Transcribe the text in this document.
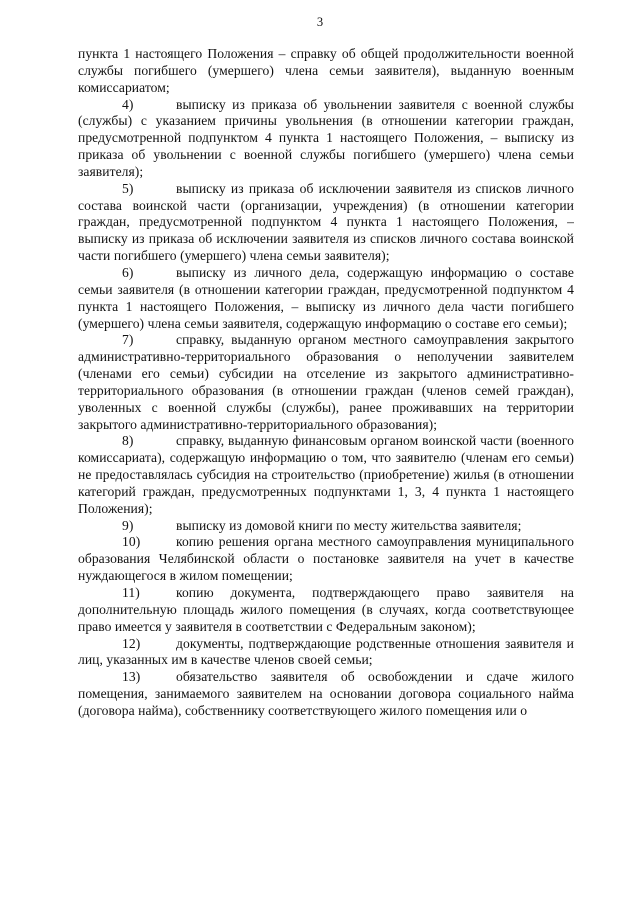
3

пункта 1 настоящего Положения – справку об общей продолжительности военной службы погибшего (умершего) члена семьи заявителя), выданную военным комиссариатом;

4)	выписку из приказа об увольнении заявителя с военной службы (службы) с указанием причины увольнения (в отношении категории граждан, предусмотренной подпунктом 4 пункта 1 настоящего Положения, – выписку из приказа об увольнении с военной службы погибшего (умершего) члена семьи заявителя);

5)	выписку из приказа об исключении заявителя из списков личного состава воинской части (организации, учреждения) (в отношении категории граждан, предусмотренной подпунктом 4 пункта 1 настоящего Положения, – выписку из приказа об исключении заявителя из списков личного состава воинской части погибшего (умершего) члена семьи заявителя);

6)	выписку из личного дела, содержащую информацию о составе семьи заявителя (в отношении категории граждан, предусмотренной подпунктом 4 пункта 1 настоящего Положения, – выписку из личного дела части погибшего (умершего) члена семьи заявителя, содержащую информацию о составе его семьи);

7)	справку, выданную органом местного самоуправления закрытого административно-территориального образования о неполучении заявителем (членами его семьи) субсидии на отселение из закрытого административно-территориального образования (в отношении граждан (членов семей граждан), уволенных с военной службы (службы), ранее проживавших на территории закрытого административно-территориального образования);

8)	справку, выданную финансовым органом воинской части (военного комиссариата), содержащую информацию о том, что заявителю (членам его семьи) не предоставлялась субсидия на строительство (приобретение) жилья (в отношении категорий граждан, предусмотренных подпунктами 1, 3, 4 пункта 1 настоящего Положения);

9)	выписку из домовой книги по месту жительства заявителя;

10)	копию решения органа местного самоуправления муниципального образования Челябинской области о постановке заявителя на учет в качестве нуждающегося в жилом помещении;

11)	копию документа, подтверждающего право заявителя на дополнительную площадь жилого помещения (в случаях, когда соответствующее право имеется у заявителя в соответствии с Федеральным законом);

12)	документы, подтверждающие родственные отношения заявителя и лиц, указанных им в качестве членов своей семьи;

13)	обязательство заявителя об освобождении и сдаче жилого помещения, занимаемого заявителем на основании договора социального найма (договора найма), собственнику соответствующего жилого помещения или о
